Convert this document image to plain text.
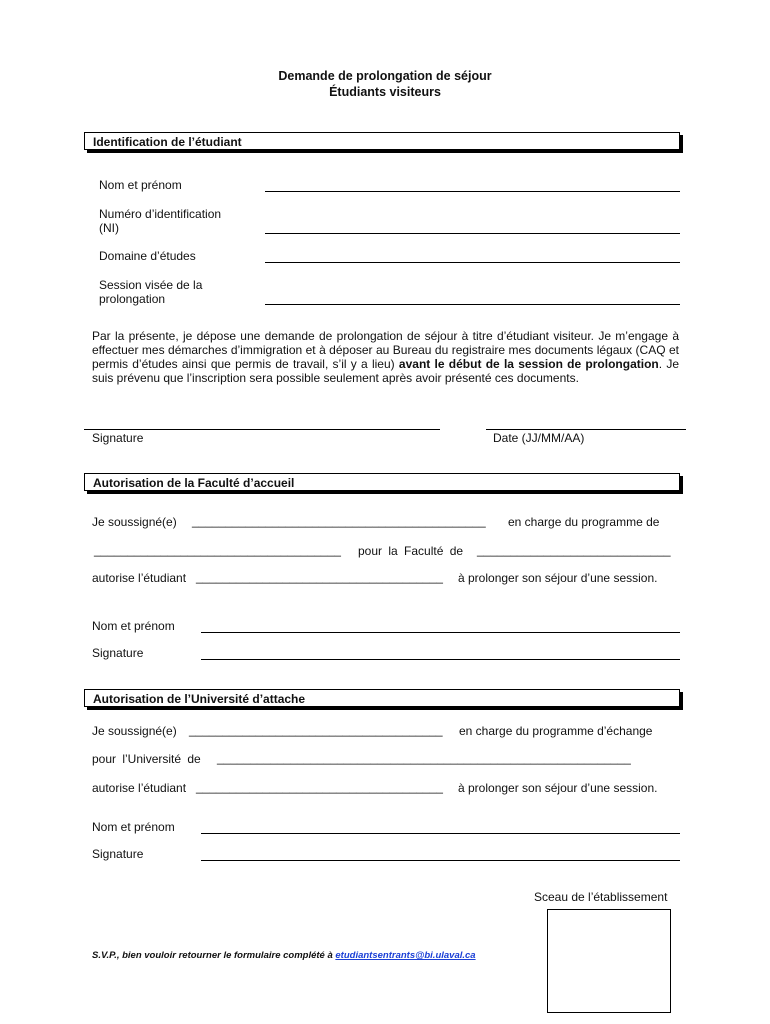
Demande de prolongation de séjour
Étudiants visiteurs
Identification de l’étudiant
Nom et prénom
Numéro d’identification
(NI)
Domaine d’études
Session visée de la
prolongation
Par la présente, je dépose une demande de prolongation de séjour à titre d’étudiant visiteur. Je m’engage à effectuer mes démarches d’immigration et à déposer au Bureau du registraire mes documents légaux (CAQ et permis d’études ainsi que permis de travail, s’il y a lieu) avant le début de la session de prolongation. Je suis prévenu que l’inscription sera possible seulement après avoir présenté ces documents.
Signature	Date (JJ/MM/AA)
Autorisation de la Faculté d’accueil
Je soussigné(e) ____________________________________________ en charge du programme de
_____________________________________ pour la Faculté de _____________________________
autorise l’étudiant _____________________________________ à prolonger son séjour d’une session.
Nom et prénom
Signature
Autorisation de l’Université d’attache
Je soussigné(e) ______________________________________ en charge du programme d’échange
pour l’Université de ______________________________________________________________
autorise l’étudiant _____________________________________ à prolonger son séjour d’une session.
Nom et prénom
Signature
Sceau de l’établissement
S.V.P., bien vouloir retourner le formulaire complété à etudiantsentrants@bi.ulaval.ca
